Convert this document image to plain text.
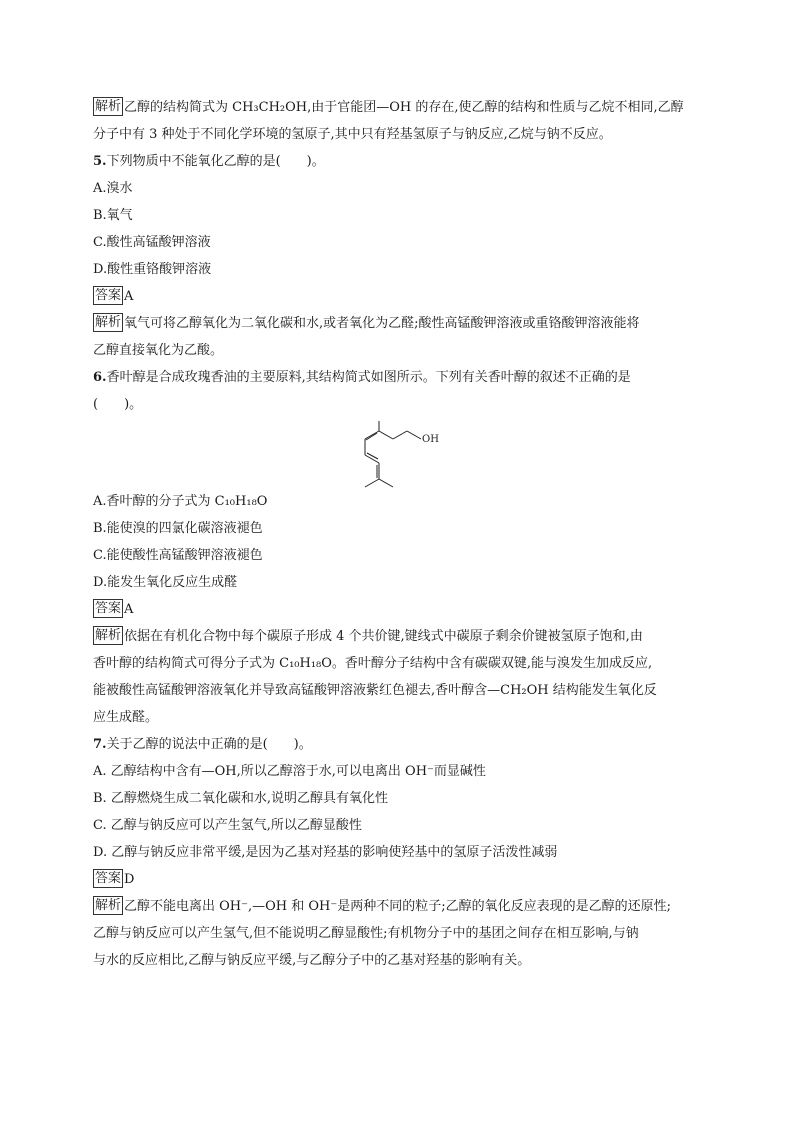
解析 乙醇的结构简式为 CH₃CH₂OH,由于官能团—OH 的存在,使乙醇的结构和性质与乙烷不相同,乙醇
分子中有 3 种处于不同化学环境的氢原子,其中只有羟基氢原子与钠反应,乙烷与钠不反应。
5.下列物质中不能氧化乙醇的是(　　)。
A.溴水
B.氧气
C.酸性高锰酸钾溶液
D.酸性重铬酸钾溶液
答案 A
解析 氧气可将乙醇氧化为二氧化碳和水,或者氧化为乙醛;酸性高锰酸钾溶液或重铬酸钾溶液能将
乙醇直接氧化为乙酸。
6.香叶醇是合成玫瑰香油的主要原料,其结构简式如图所示。下列有关香叶醇的叙述不正确的是
(　　)。
OH
A.香叶醇的分子式为 C₁₀H₁₈O
B.能使溴的四氯化碳溶液褪色
C.能使酸性高锰酸钾溶液褪色
D.能发生氧化反应生成醛
答案 A
解析 依据在有机化合物中每个碳原子形成 4 个共价键,键线式中碳原子剩余价键被氢原子饱和,由
香叶醇的结构简式可得分子式为 C₁₀H₁₈O。香叶醇分子结构中含有碳碳双键,能与溴发生加成反应,
能被酸性高锰酸钾溶液氧化并导致高锰酸钾溶液紫红色褪去,香叶醇含—CH₂OH 结构能发生氧化反
应生成醛。
7.关于乙醇的说法中正确的是(　　)。
A. 乙醇结构中含有—OH,所以乙醇溶于水,可以电离出 OH⁻而显碱性
B. 乙醇燃烧生成二氧化碳和水,说明乙醇具有氧化性
C. 乙醇与钠反应可以产生氢气,所以乙醇显酸性
D. 乙醇与钠反应非常平缓,是因为乙基对羟基的影响使羟基中的氢原子活泼性减弱
答案 D
解析 乙醇不能电离出 OH⁻,—OH 和 OH⁻是两种不同的粒子;乙醇的氧化反应表现的是乙醇的还原性;
乙醇与钠反应可以产生氢气,但不能说明乙醇显酸性;有机物分子中的基团之间存在相互影响,与钠
与水的反应相比,乙醇与钠反应平缓,与乙醇分子中的乙基对羟基的影响有关。
